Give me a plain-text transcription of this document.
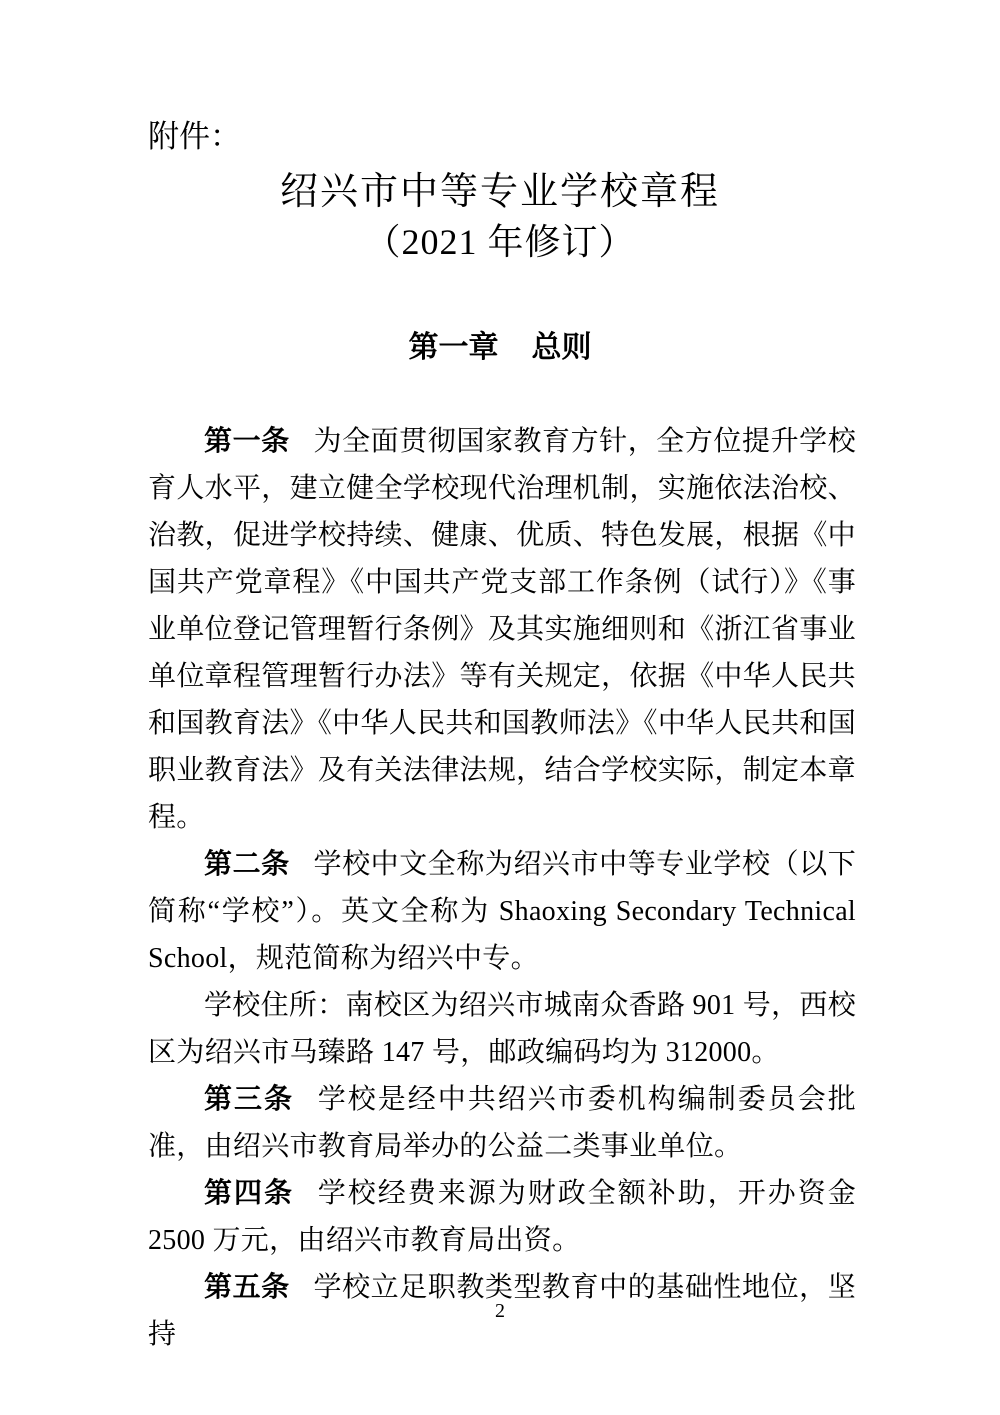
附件：
绍兴市中等专业学校章程
（2021 年修订）
第一章 总则

第一条 为全面贯彻国家教育方针，全方位提升学校育人水平，建立健全学校现代治理机制，实施依法治校、治教，促进学校持续、健康、优质、特色发展，根据《中国共产党章程》《中国共产党支部工作条例（试行）》《事业单位登记管理暂行条例》及其实施细则和《浙江省事业单位章程管理暂行办法》等有关规定，依据《中华人民共和国教育法》《中华人民共和国教师法》《中华人民共和国职业教育法》及有关法律法规，结合学校实际，制定本章程。

第二条 学校中文全称为绍兴市中等专业学校（以下简称“学校”）。英文全称为 Shaoxing Secondary Technical School，规范简称为绍兴中专。

学校住所：南校区为绍兴市城南众香路 901 号，西校区为绍兴市马臻路 147 号，邮政编码均为 312000。

第三条 学校是经中共绍兴市委机构编制委员会批准，由绍兴市教育局举办的公益二类事业单位。

第四条 学校经费来源为财政全额补助，开办资金 2500 万元，由绍兴市教育局出资。

第五条 学校立足职教类型教育中的基础性地位，坚持

2
